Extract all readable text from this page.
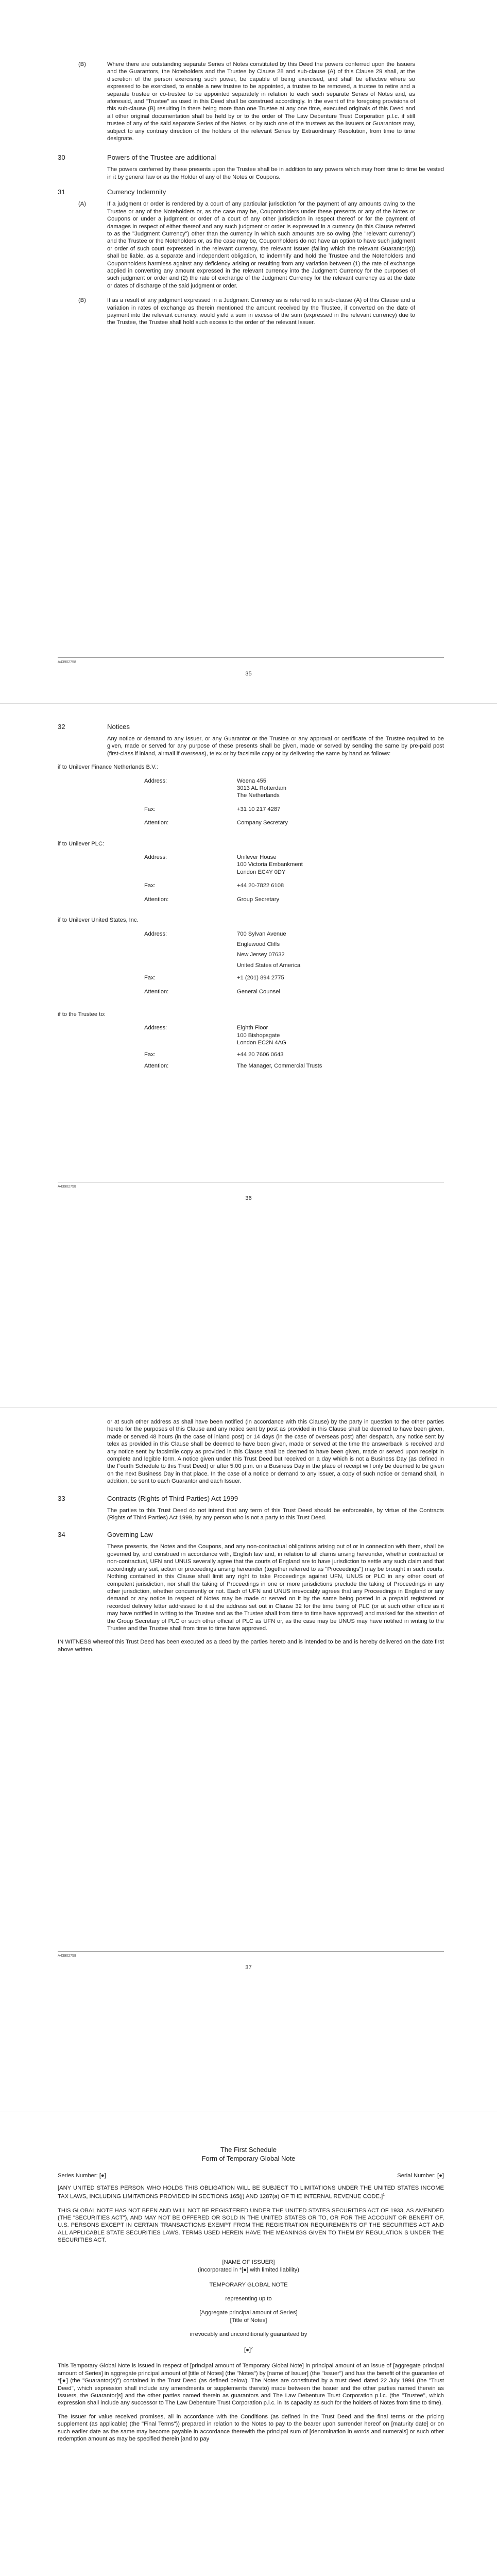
(B)	Where there are outstanding separate Series of Notes constituted by this Deed the powers conferred upon the Issuers and the Guarantors, the Noteholders and the Trustee by Clause 28 and sub-clause (A) of this Clause 29 shall, at the discretion of the person exercising such power, be capable of being exercised, and shall be effective where so expressed to be exercised, to enable a new trustee to be appointed, a trustee to be removed, a trustee to retire and a separate trustee or co-trustee to be appointed separately in relation to each such separate Series of Notes and, as aforesaid, and "Trustee" as used in this Deed shall be construed accordingly. In the event of the foregoing provisions of this sub-clause (B) resulting in there being more than one Trustee at any one time, executed originals of this Deed and all other original documentation shall be held by or to the order of The Law Debenture Trust Corporation p.l.c. if still trustee of any of the said separate Series of the Notes, or by such one of the trustees as the Issuers or Guarantors may, subject to any contrary direction of the holders of the relevant Series by Extraordinary Resolution, from time to time designate.

30	Powers of the Trustee are additional

The powers conferred by these presents upon the Trustee shall be in addition to any powers which may from time to time be vested in it by general law or as the Holder of any of the Notes or Coupons.

31	Currency Indemnity
(A)	If a judgment or order is rendered by a court of any particular jurisdiction for the payment of any amounts owing to the Trustee or any of the Noteholders or, as the case may be, Couponholders under these presents or any of the Notes or Coupons or under a judgment or order of a court of any other jurisdiction in respect thereof or for the payment of damages in respect of either thereof and any such judgment or order is expressed in a currency (in this Clause referred to as the "Judgment Currency") other than the currency in which such amounts are so owing (the "relevant currency") and the Trustee or the Noteholders or, as the case may be, Couponholders do not have an option to have such judgment or order of such court expressed in the relevant currency, the relevant Issuer (failing which the relevant Guarantor(s)) shall be liable, as a separate and independent obligation, to indemnify and hold the Trustee and the Noteholders and Couponholders harmless against any deficiency arising or resulting from any variation between (1) the rate of exchange applied in converting any amount expressed in the relevant currency into the Judgment Currency for the purposes of such judgment or order and (2) the rate of exchange of the Judgment Currency for the relevant currency as at the date or dates of discharge of the said judgment or order.

(B)	If as a result of any judgment expressed in a Judgment Currency as is referred to in sub-clause (A) of this Clause and a variation in rates of exchange as therein mentioned the amount received by the Trustee, if converted on the date of payment into the relevant currency, would yield a sum in excess of the sum (expressed in the relevant currency) due to the Trustee, the Trustee shall hold such excess to the order of the relevant Issuer.

A43902758
35
32	Notices

Any notice or demand to any Issuer, or any Guarantor or the Trustee or any approval or certificate of the Trustee required to be given, made or served for any purpose of these presents shall be given, made or served by sending the same by pre-paid post (first-class if inland, airmail if overseas), telex or by facsimile copy or by delivering the same by hand as follows:

if to Unilever Finance Netherlands B.V.:

Address:	Weena 455
3013 AL Rotterdam
The Netherlands
Fax:	+31 10 217 4287
Attention:	Company Secretary

if to Unilever PLC:

Address:	Unilever House
100 Victoria Embankment
London EC4Y 0DY
Fax:	+44 20-7822 6108
Attention:	Group Secretary

if to Unilever United States, Inc.

Address:	700 Sylvan Avenue
Englewood Cliffs
New Jersey 07632
United States of America
Fax:	+1 (201) 894 2775
Attention:	General Counsel

if to the Trustee to:

Address:	Eighth Floor
100 Bishopsgate
London EC2N 4AG
Fax:	+44 20 7606 0643
Attention:	The Manager, Commercial Trusts
A43902758
36

or at such other address as shall have been notified (in accordance with this Clause) by the party in question to the other parties hereto for the purposes of this Clause and any notice sent by post as provided in this Clause shall be deemed to have been given, made or served 48 hours (in the case of inland post) or 14 days (in the case of overseas post) after despatch, any notice sent by telex as provided in this Clause shall be deemed to have been given, made or served at the time the answerback is received and any notice sent by facsimile copy as provided in this Clause shall be deemed to have been given, made or served upon receipt in complete and legible form. A notice given under this Trust Deed but received on a day which is not a Business Day (as defined in the Fourth Schedule to this Trust Deed) or after 5.00 p.m. on a Business Day in the place of receipt will only be deemed to be given on the next Business Day in that place. In the case of a notice or demand to any Issuer, a copy of such notice or demand shall, in addition, be sent to each Guarantor and each Issuer.

33	Contracts (Rights of Third Parties) Act 1999

The parties to this Trust Deed do not intend that any term of this Trust Deed should be enforceable, by virtue of the Contracts (Rights of Third Parties) Act 1999, by any person who is not a party to this Trust Deed.

34	Governing Law

These presents, the Notes and the Coupons, and any non-contractual obligations arising out of or in connection with them, shall be governed by, and construed in accordance with, English law and, in relation to all claims arising hereunder, whether contractual or non-contractual, UFN and UNUS severally agree that the courts of England are to have jurisdiction to settle any such claim and that accordingly any suit, action or proceedings arising hereunder (together referred to as "Proceedings") may be brought in such courts. Nothing contained in this Clause shall limit any right to take Proceedings against UFN, UNUS or PLC in any other court of competent jurisdiction, nor shall the taking of Proceedings in one or more jurisdictions preclude the taking of Proceedings in any other jurisdiction, whether concurrently or not. Each of UFN and UNUS irrevocably agrees that any Proceedings in England or any demand or any notice in respect of Notes may be made or served on it by the same being posted in a prepaid registered or recorded delivery letter addressed to it at the address set out in Clause 32 for the time being of PLC (or at such other office as it may have notified in writing to the Trustee and as the Trustee shall from time to time have approved) and marked for the attention of the Group Secretary of PLC or such other official of PLC as UFN or, as the case may be UNUS may have notified in writing to the Trustee and the Trustee shall from time to time have approved.

IN WITNESS whereof this Trust Deed has been executed as a deed by the parties hereto and is intended to be and is hereby delivered on the date first above written.

A43902758
37
The First Schedule
Form of Temporary Global Note
Series Number: [●]	Serial Number: [●]

[ANY UNITED STATES PERSON WHO HOLDS THIS OBLIGATION WILL BE SUBJECT TO LIMITATIONS UNDER THE UNITED STATES INCOME TAX LAWS, INCLUDING LIMITATIONS PROVIDED IN SECTIONS 165(j) AND 1287(a) OF THE INTERNAL REVENUE CODE.]$^1$

THIS GLOBAL NOTE HAS NOT BEEN AND WILL NOT BE REGISTERED UNDER THE UNITED STATES SECURITIES ACT OF 1933, AS AMENDED (THE "SECURITIES ACT"), AND MAY NOT BE OFFERED OR SOLD IN THE UNITED STATES OR TO, OR FOR THE ACCOUNT OR BENEFIT OF, U.S. PERSONS EXCEPT IN CERTAIN TRANSACTIONS EXEMPT FROM THE REGISTRATION REQUIREMENTS OF THE SECURITIES ACT AND ALL APPLICABLE STATE SECURITIES LAWS. TERMS USED HEREIN HAVE THE MEANINGS GIVEN TO THEM BY REGULATION S UNDER THE SECURITIES ACT.

[NAME OF ISSUER]
(incorporated in *[●] with limited liability)
TEMPORARY GLOBAL NOTE
representing up to
[Aggregate principal amount of Series]
[Title of Notes]
irrevocably and unconditionally guaranteed by
[●]$^2$

This Temporary Global Note is issued in respect of [principal amount of Temporary Global Note] in principal amount of an issue of [aggregate principal amount of Series] in aggregate principal amount of [title of Notes] (the "Notes") by [name of Issuer] (the "Issuer") and has the benefit of the guarantee of *[●] (the "Guarantor(s)") contained in the Trust Deed (as defined below). The Notes are constituted by a trust deed dated 22 July 1994 (the "Trust Deed", which expression shall include any amendments or supplements thereto) made between the Issuer and the other parties named therein as Issuers, the Guarantor[s] and the other parties named therein as guarantors and The Law Debenture Trust Corporation p.l.c. (the "Trustee", which expression shall include any successor to The Law Debenture Trust Corporation p.l.c. in its capacity as such for the holders of Notes from time to time).

The Issuer for value received promises, all in accordance with the Conditions (as defined in the Trust Deed and the final terms or the pricing supplement (as applicable) (the "Final Terms")) prepared in relation to the Notes to pay to the bearer upon surrender hereof on [maturity date] or on such earlier date as the same may become payable in accordance therewith the principal sum of [denomination in words and numerals] or such other redemption amount as may be specified therein [and to pay
